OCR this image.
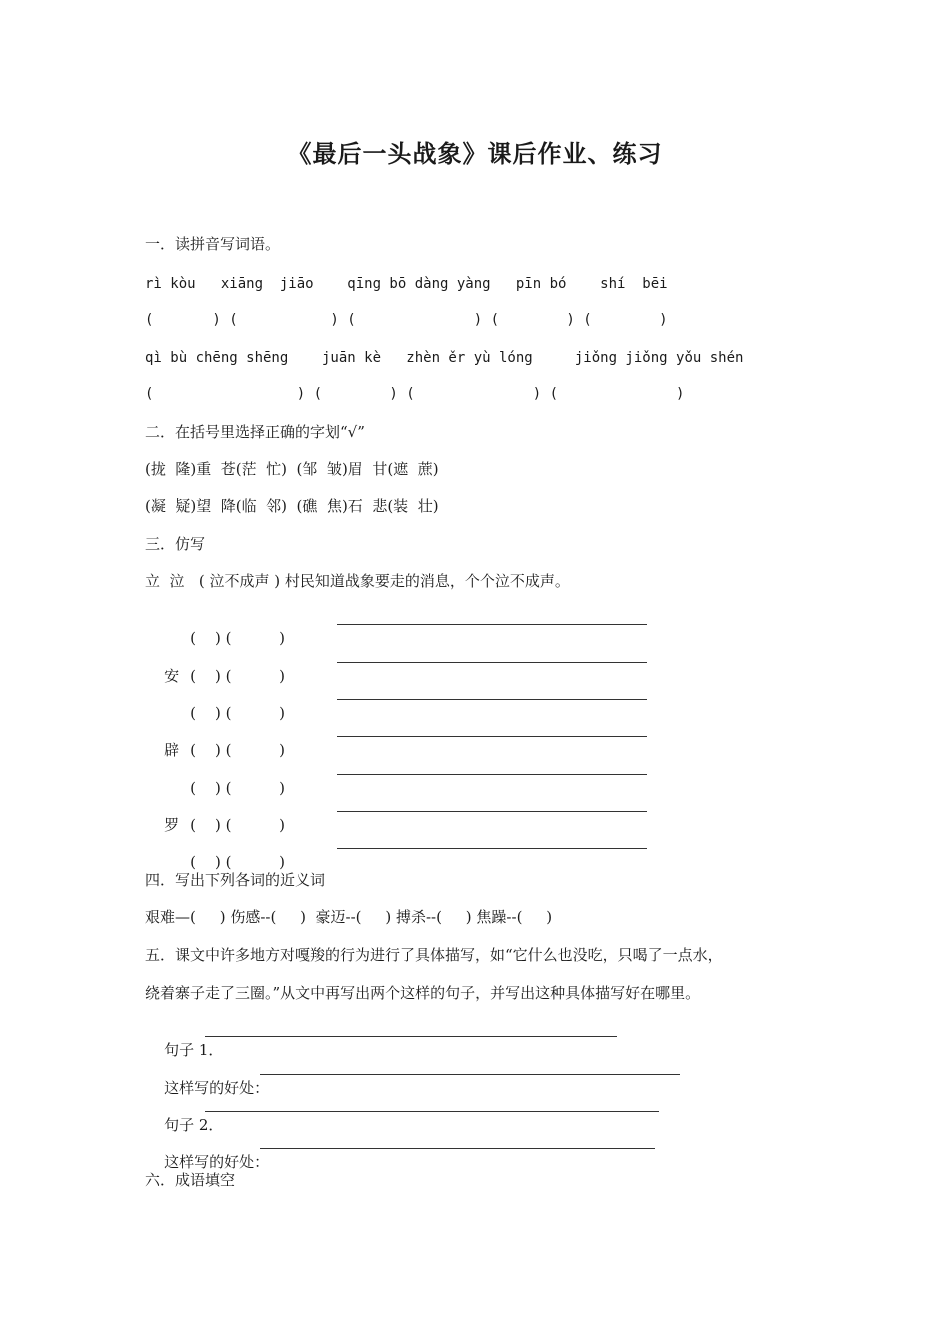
《最后一头战象》课后作业、练习
一．读拼音写词语。
rì kòu   xiāng  jiāo    qīng bō dàng yàng   pīn bó    shí  bēi
(       ) (           ) (              ) (        ) (        )
qì bù chēng shēng    juān kè   zhèn ěr yù lóng     jiǒng jiǒng yǒu shén
(                 ) (        ) (              ) (              )
二．在括号里选择正确的字划“√”
(拢  隆)重  苍(茫  忙)  (邹  皱)眉  甘(遮  蔗)
(凝  疑)望  降(临  邻)  (礁  焦)石  悲(装  壮)
三．仿写
立  泣   ( 泣不成声 ) 村民知道战象要走的消息，个个泣不成声。

(    ) (          )

安 (    ) (          )

(    ) (          )

辟 (    ) (          )

(    ) (          )

罗 (    ) (          )

(    ) (          )

四．写出下列各词的近义词
艰难—(     ) 伤感--(     )  豪迈--(     ) 搏杀--(     ) 焦躁--(     )
五．课文中许多地方对嘎羧的行为进行了具体描写，如“它什么也没吃，只喝了一点水，
绕着寨子走了三圈。”从文中再写出两个这样的句子，并写出这种具体描写好在哪里。

句子 1．

这样写的好处：

句子 2．

这样写的好处：

六．成语填空
